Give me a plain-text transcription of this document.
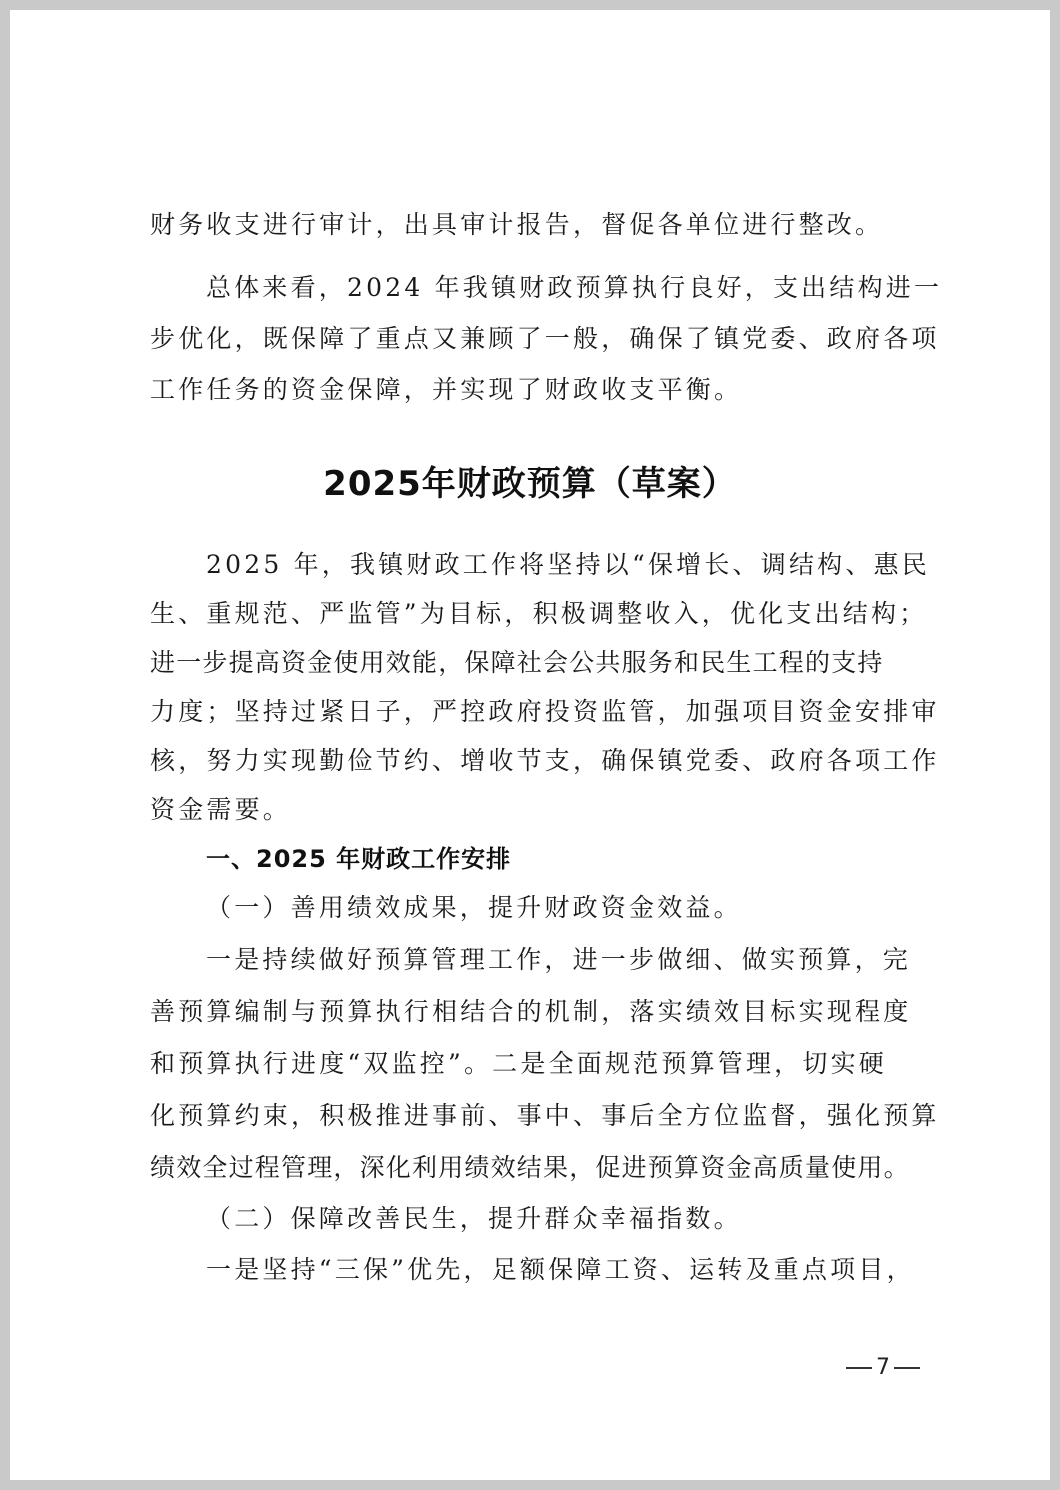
财务收支进行审计，出具审计报告，督促各单位进行整改。
总体来看，2024 年我镇财政预算执行良好，支出结构进一
步优化，既保障了重点又兼顾了一般，确保了镇党委、政府各项
工作任务的资金保障，并实现了财政收支平衡。
2025年财政预算（草案）
2025 年，我镇财政工作将坚持以“保增长、调结构、惠民
生、重规范、严监管”为目标，积极调整收入，优化支出结构；
进一步提高资金使用效能，保障社会公共服务和民生工程的支持
力度；坚持过紧日子，严控政府投资监管，加强项目资金安排审
核，努力实现勤俭节约、增收节支，确保镇党委、政府各项工作
资金需要。
一、2025 年财政工作安排
（一）善用绩效成果，提升财政资金效益。
一是持续做好预算管理工作，进一步做细、做实预算，完
善预算编制与预算执行相结合的机制，落实绩效目标实现程度
和预算执行进度“双监控”。二是全面规范预算管理，切实硬
化预算约束，积极推进事前、事中、事后全方位监督，强化预算
绩效全过程管理，深化利用绩效结果，促进预算资金高质量使用。
（二）保障改善民生，提升群众幸福指数。
一是坚持“三保”优先，足额保障工资、运转及重点项目，
7
